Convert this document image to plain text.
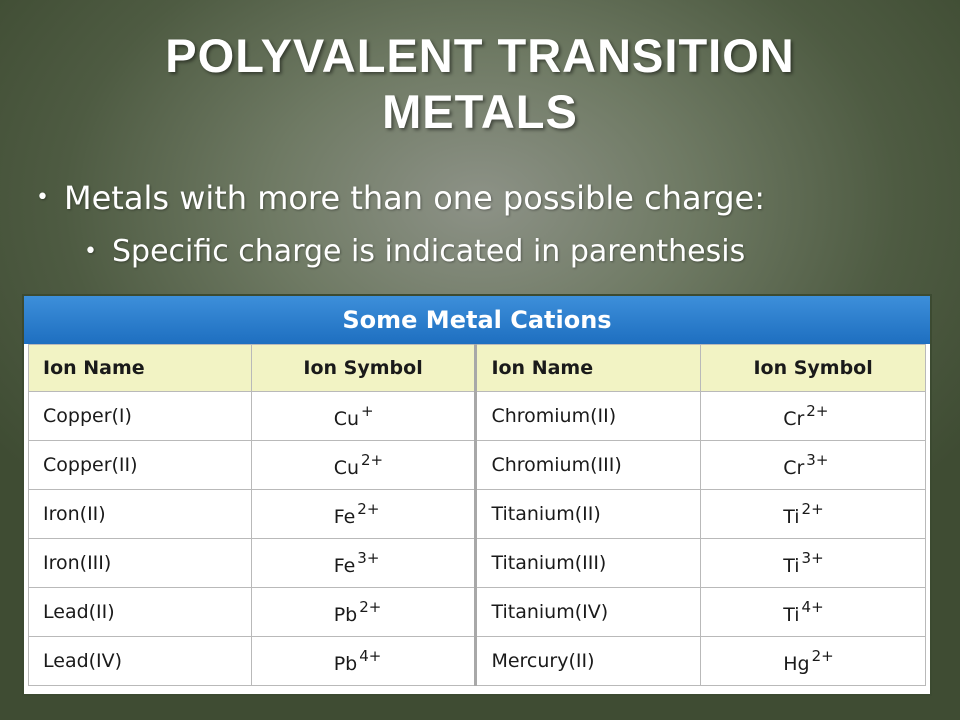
POLYVALENT TRANSITION
METALS
• Metals with more than one possible charge:
• Specific charge is indicated in parenthesis
Some Metal Cations
Ion Name	Ion Symbol	Ion Name	Ion Symbol
Copper(I)	Cu +	Chromium(II)	Cr $^{2+}$
Copper(II)	Cu $^{2+}$	Chromium(III)	Cr $^{3+}$
Iron(II)	Fe $^{2+}$	Titanium(II)	Ti $^{2+}$
Iron(III)	Fe $^{3+}$	Titanium(III)	Ti $^{3+}$
Lead(II)	Pb $^{2+}$	Titanium(IV)	Ti $^{4+}$
Lead(IV)	Pb $^{4+}$	Mercury(II)	Hg $^{2+}$
